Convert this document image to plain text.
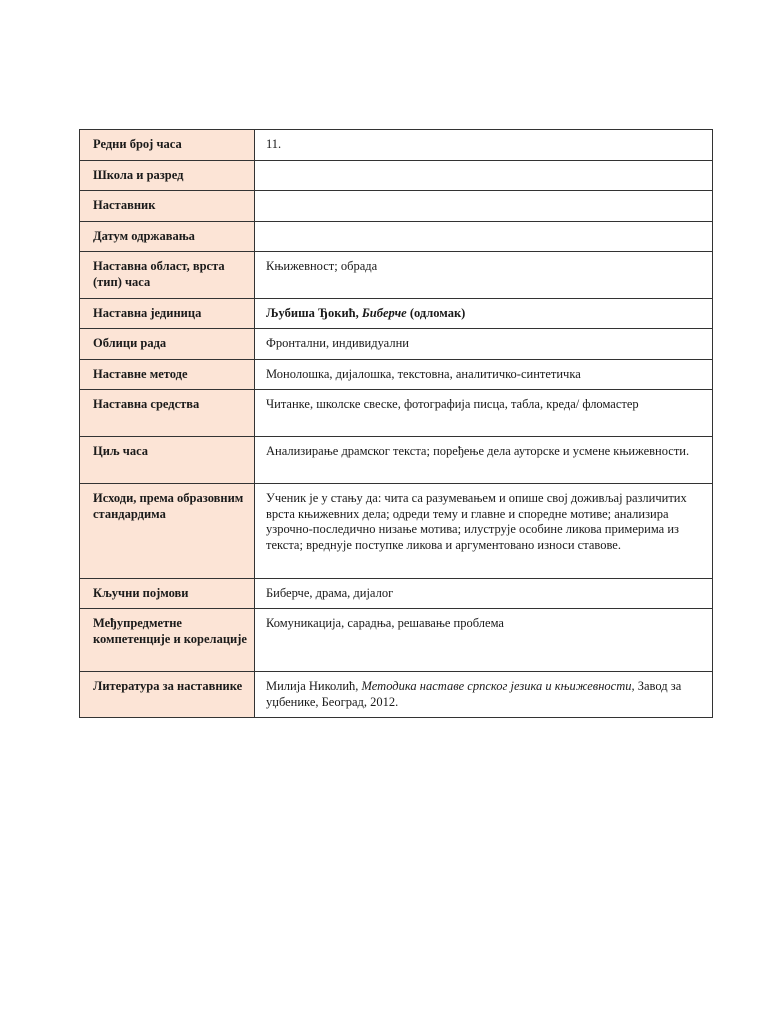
Редни број часа	11.
Школа и разред	
Наставник	
Датум одржавања	
Наставна област, врста (тип) часа	Књижевност; обрада
Наставна јединица	Љубиша Ђокић, Биберче (одломак)
Облици рада	Фронтални, индивидуални
Наставне методе	Монолошка, дијалошка, текстовна, аналитичко-синтетичка
Наставна средства	Читанке, школске свеске, фотографија писца, табла, креда/ фломастер
Циљ часа	Анализирање драмског текста; поређење дела ауторске и усмене књижевности.
Исходи, према образовним стандардима	Ученик је у стању да: чита са разумевањем и опише свој доживљај различитих врста књижевних дела; одреди тему и главне и споредне мотиве; анализира узрочно-последично низање мотива; илуструје особине ликова примерима из текста; вреднује поступке ликова и аргументовано износи ставове.
Кључни појмови	Биберче, драма, дијалог
Међупредметне компетенције и корелације	Комуникација, сарадња, решавање проблема
Литература за наставнике	Милија Николић, Методика наставе српског језика и књижевности, Завод за уџбенике, Београд, 2012.
